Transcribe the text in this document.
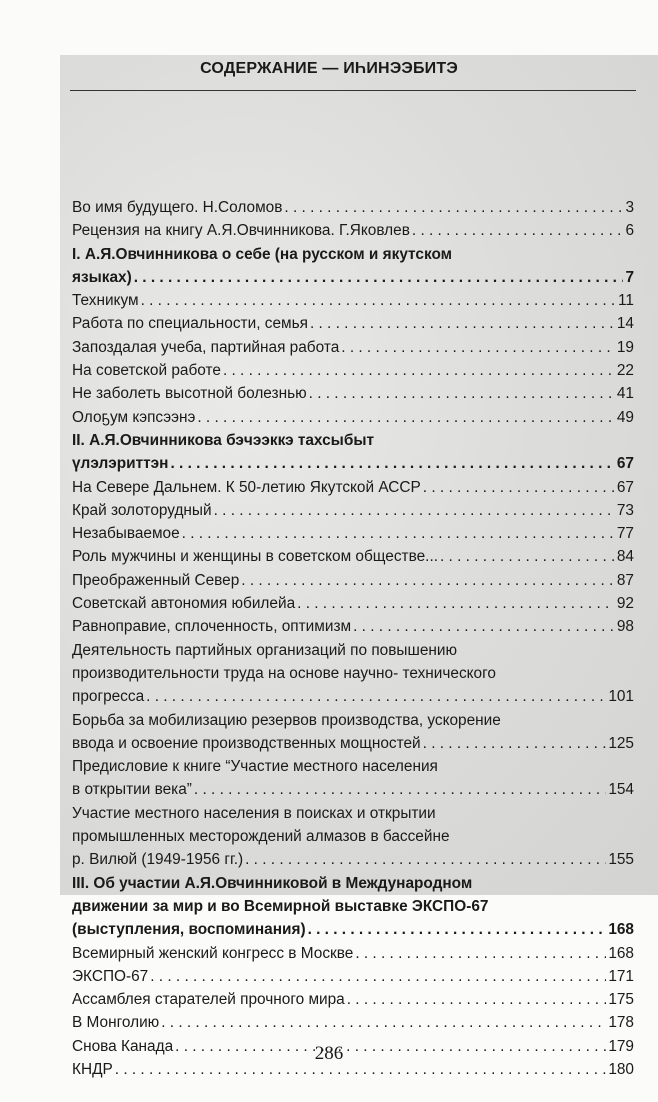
СОДЕРЖАНИЕ — ИҺИНЭЭБИТЭ
Во имя будущего. Н.Соломов . . .	3
Рецензия на книгу А.Я.Овчинникова. Г.Яковлев . . .	6
I. А.Я.Овчинникова о себе (на русском и якутском
языках) . . .	7
Техникум . . .	11
Работа по специальности, семья . . .	14
Запоздалая учеба, партийная работа . . .	19
На советской работе . . .	22
Не заболеть высотной болезнью . . .	41
Олоҕум кэпсээнэ . . .	49
II. А.Я.Овчинникова бэчээккэ тахсыбыт
үлэлэриттэн . . .	67
На Севере Дальнем. К 50-летию Якутской АССР . . .	67
Край золоторудный . . .	73
Незабываемое . . .	77
Роль мужчины и женщины в советском обществе... . . .	84
Преображенный Север . . .	87
Советскай автономия юбилейа . . .	92
Равноправие, сплоченность, оптимизм . . .	98
Деятельность партийных организаций по повышению
производительности труда на основе научно- технического
прогресса . . .	101
Борьба за мобилизацию резервов производства, ускорение
ввода и освоение производственных мощностей . . .	125
Предисловие к книге “Участие местного населения
в открытии века” . . .	154
Участие местного населения в поисках и открытии
промышленных месторождений алмазов в бассейне
р. Вилюй (1949-1956 гг.) . . .	155
III. Об участии А.Я.Овчинниковой в Международном
движении за мир и во Всемирной выставке ЭКСПО-67
(выступления, воспоминания) . . .	168
Всемирный женский конгресс в Москве . . .	168
ЭКСПО-67 . . .	171
Ассамблея старателей прочного мира . . .	175
В Монголию . . .	178
Снова Канада . . .	179
КНДР . . .	180
286
